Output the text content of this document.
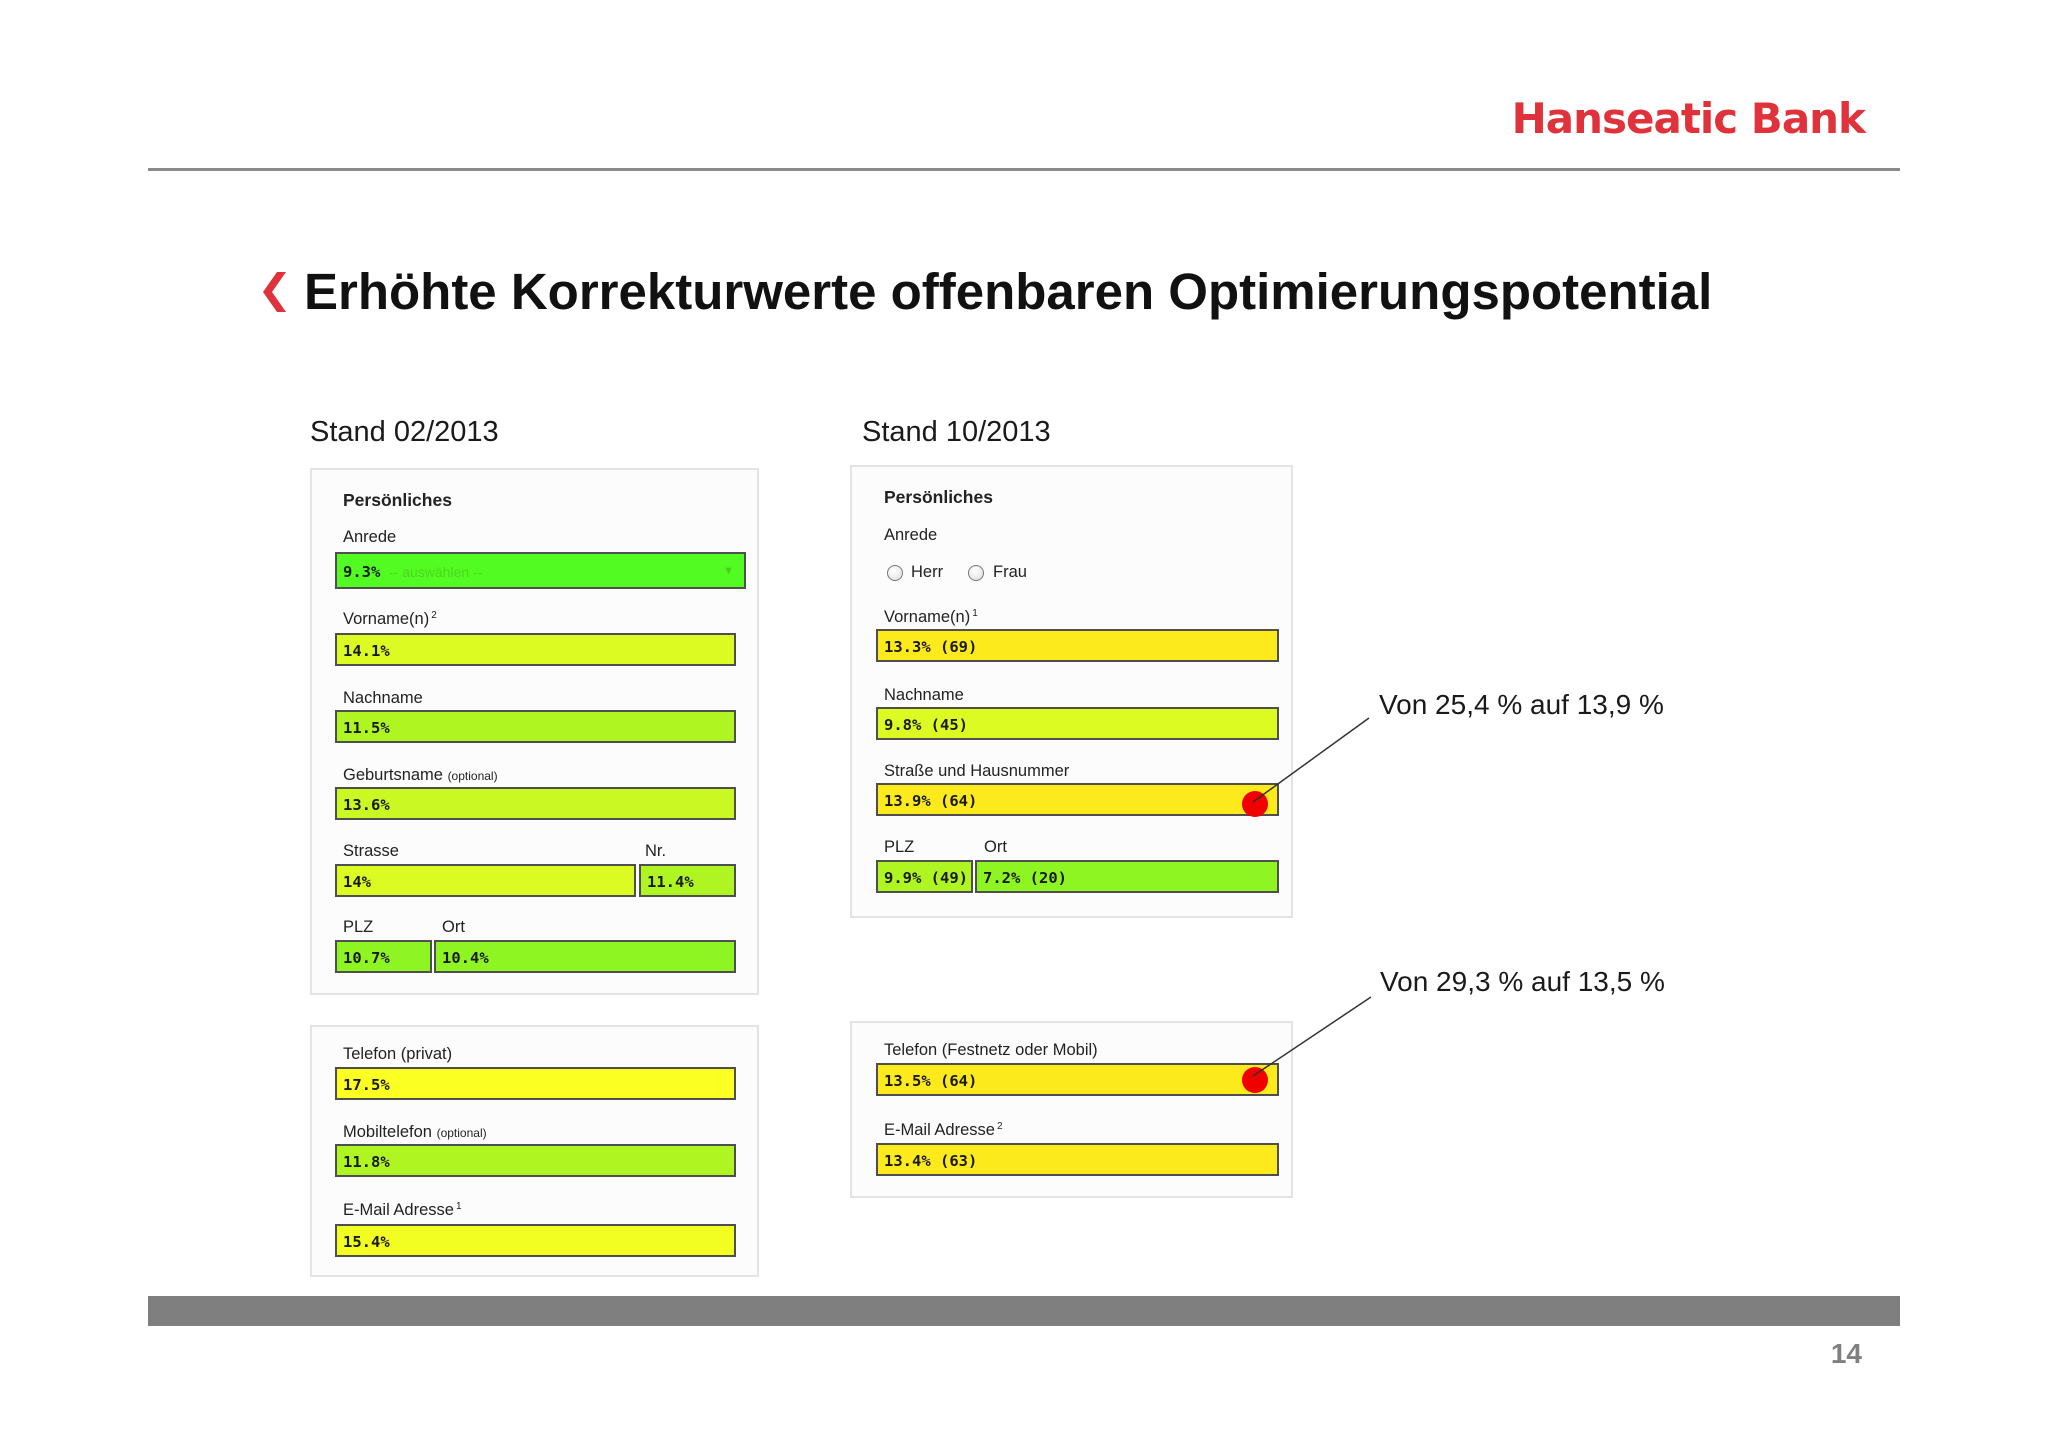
Hanseatic Bank
Erhöhte Korrekturwerte offenbaren Optimierungspotential
Stand 02/2013	Stand 10/2013
Persönliches
Anrede
9.3% -- auswählen --	▼
Vorname(n) $^2$
14.1%
Nachname
11.5%
Geburtsname (optional)
13.6%
Strasse	Nr.
14%	11.4%
PLZ	Ort
10.7%	10.4%
Telefon (privat)
17.5%
Mobiltelefon (optional)
11.8%
E-Mail Adresse $^1$
15.4%
Persönliches
Anrede
Herr	Frau
Vorname(n) $^1$
13.3% (69)
Nachname
9.8% (45)
Straße und Hausnummer
13.9% (64)
PLZ	Ort
9.9% (49) 7.2% (20)
Telefon (Festnetz oder Mobil)
13.5% (64)
E-Mail Adresse $^2$
13.4% (63)
Von 25,4 % auf 13,9 %
Von 29,3 % auf 13,5 %
14
